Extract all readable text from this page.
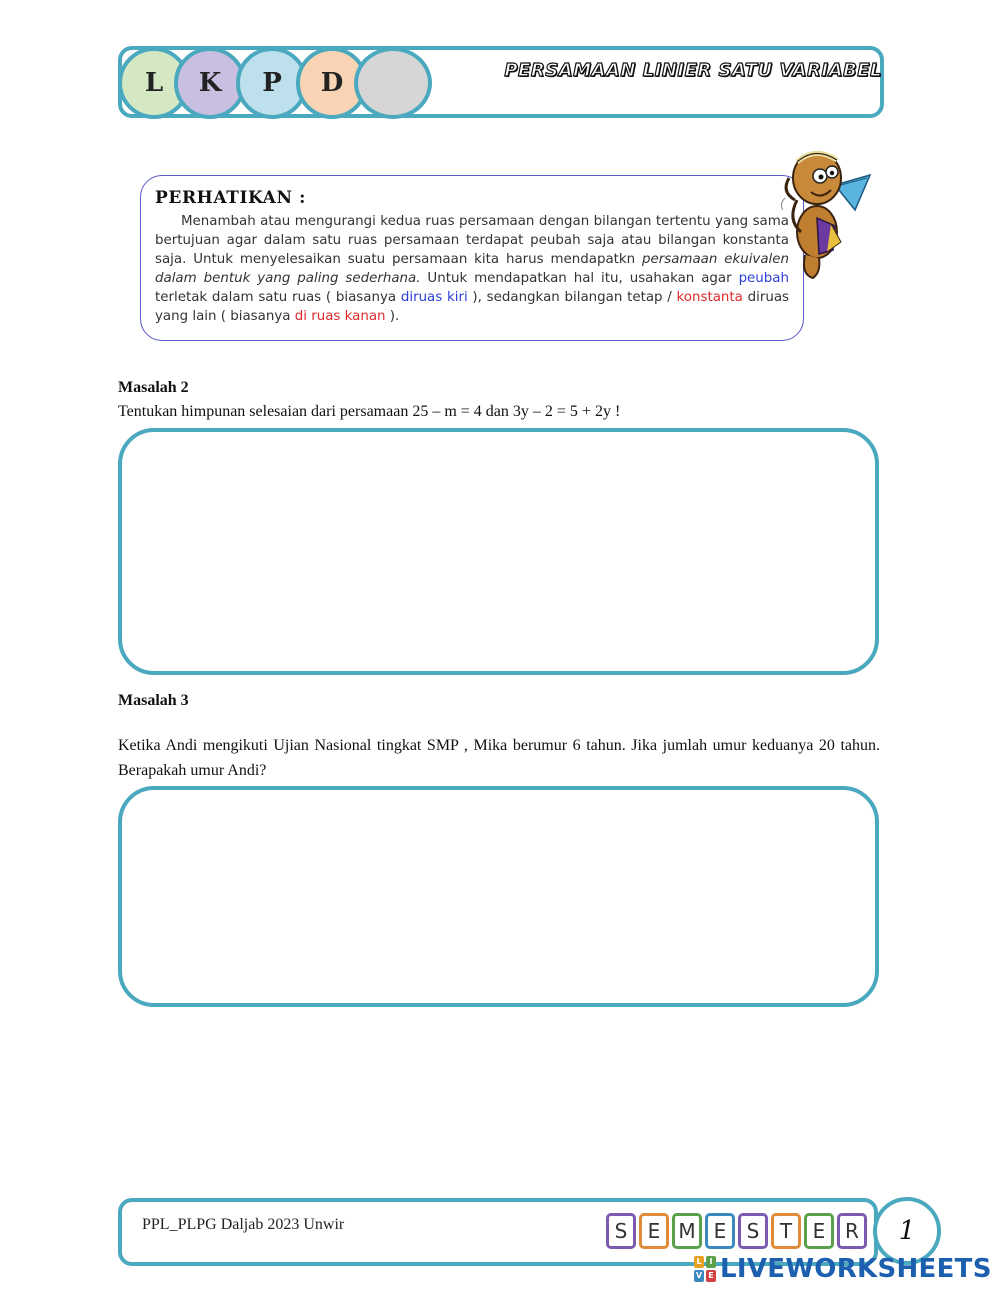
L K P D	PERSAMAAN LINIER SATU VARIABEL
PERHATIKAN :

Menambah atau mengurangi kedua ruas persamaan dengan bilangan tertentu yang sama bertujuan agar dalam satu ruas persamaan terdapat peubah saja atau bilangan konstanta saja. Untuk menyelesaikan suatu persamaan kita harus mendapatkn persamaan ekuivalen dalam bentuk yang paling sederhana. Untuk mendapatkan hal itu, usahakan agar peubah terletak dalam satu ruas ( biasanya diruas kiri ), sedangkan bilangan tetap / konstanta diruas yang lain ( biasanya di ruas kanan ).

Masalah 2
Tentukan himpunan selesaian dari persamaan 25 – m = 4 dan 3y – 2 = 5 + 2y !
Masalah 3
Ketika Andi mengikuti Ujian Nasional tingkat SMP , Mika berumur 6 tahun. Jika jumlah umur keduanya 20 tahun. Berapakah umur Andi?
PPL_PLPG Daljab 2023 Unwir	S	E M E	S	T	E R	1
L I
V E LIVEWORKSHEETS
